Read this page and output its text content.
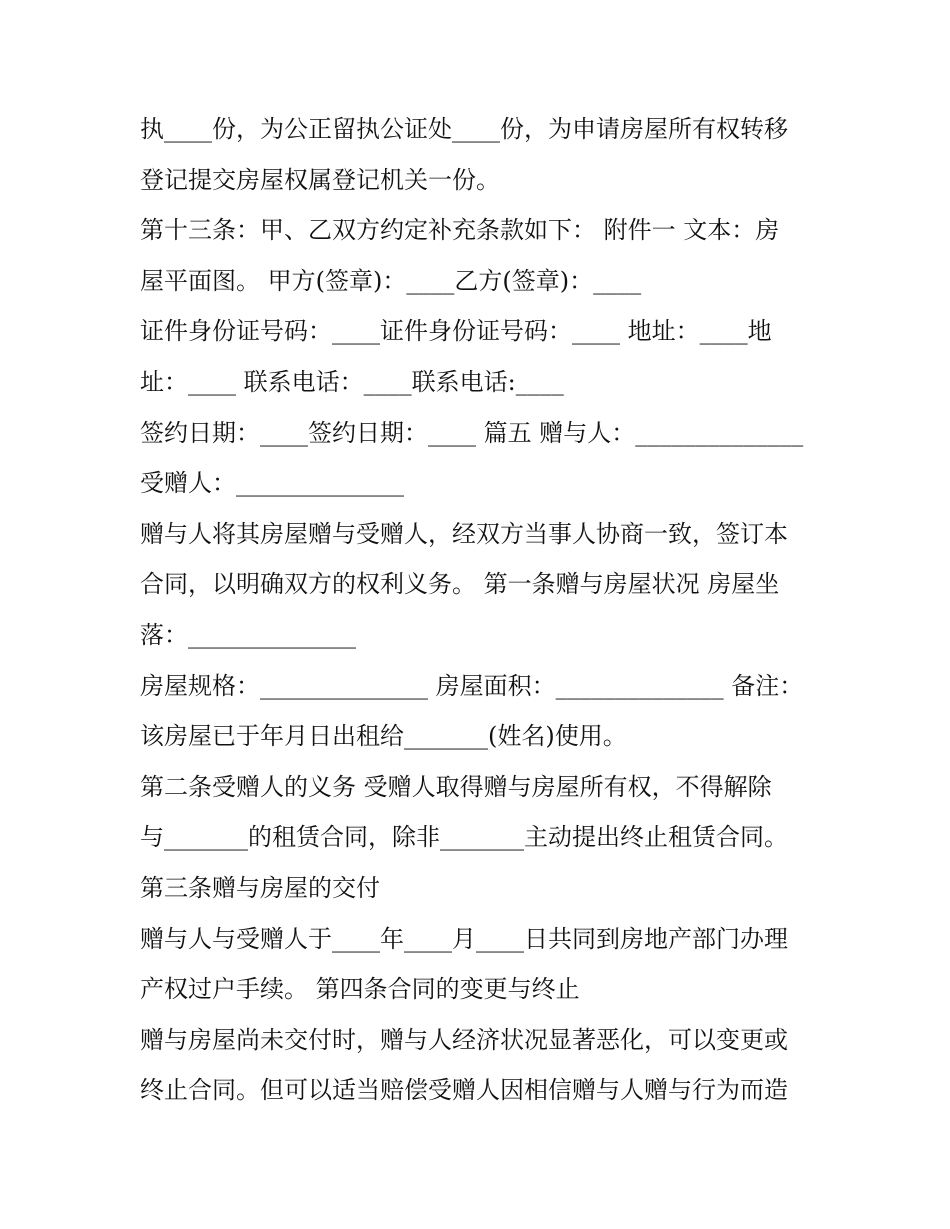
执____份，为公正留执公证处____份，为申请房屋所有权转移
登记提交房屋权属登记机关一份。
第十三条：甲、乙双方约定补充条款如下： 附件一 文本：房
屋平面图。 甲方(签章)：____乙方(签章)：____
证件身份证号码：____证件身份证号码：____ 地址：____地
址：____ 联系电话：____联系电话:____
签约日期：____签约日期：____ 篇五 赠与人：______________
受赠人：______________
赠与人将其房屋赠与受赠人，经双方当事人协商一致，签订本
合同，以明确双方的权利义务。 第一条赠与房屋状况 房屋坐
落：______________
房屋规格：______________ 房屋面积：______________ 备注：
该房屋已于年月日出租给_______(姓名)使用。
第二条受赠人的义务 受赠人取得赠与房屋所有权，不得解除
与_______的租赁合同，除非_______主动提出终止租赁合同。
第三条赠与房屋的交付
赠与人与受赠人于____年____月____日共同到房地产部门办理
产权过户手续。 第四条合同的变更与终止
赠与房屋尚未交付时，赠与人经济状况显著恶化，可以变更或
终止合同。但可以适当赔偿受赠人因相信赠与人赠与行为而造
